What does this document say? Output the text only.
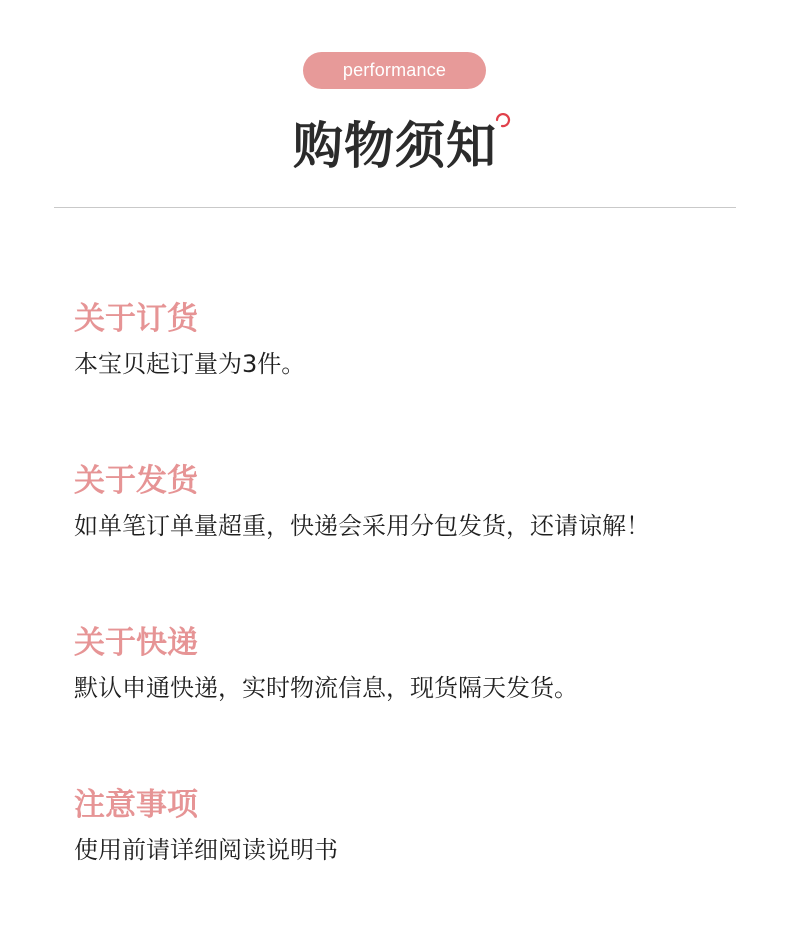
performance
购物须知
关于订货
本宝贝起订量为3件。
关于发货
如单笔订单量超重，快递会采用分包发货，还请谅解！
关于快递
默认申通快递，实时物流信息，现货隔天发货。
注意事项
使用前请详细阅读说明书
